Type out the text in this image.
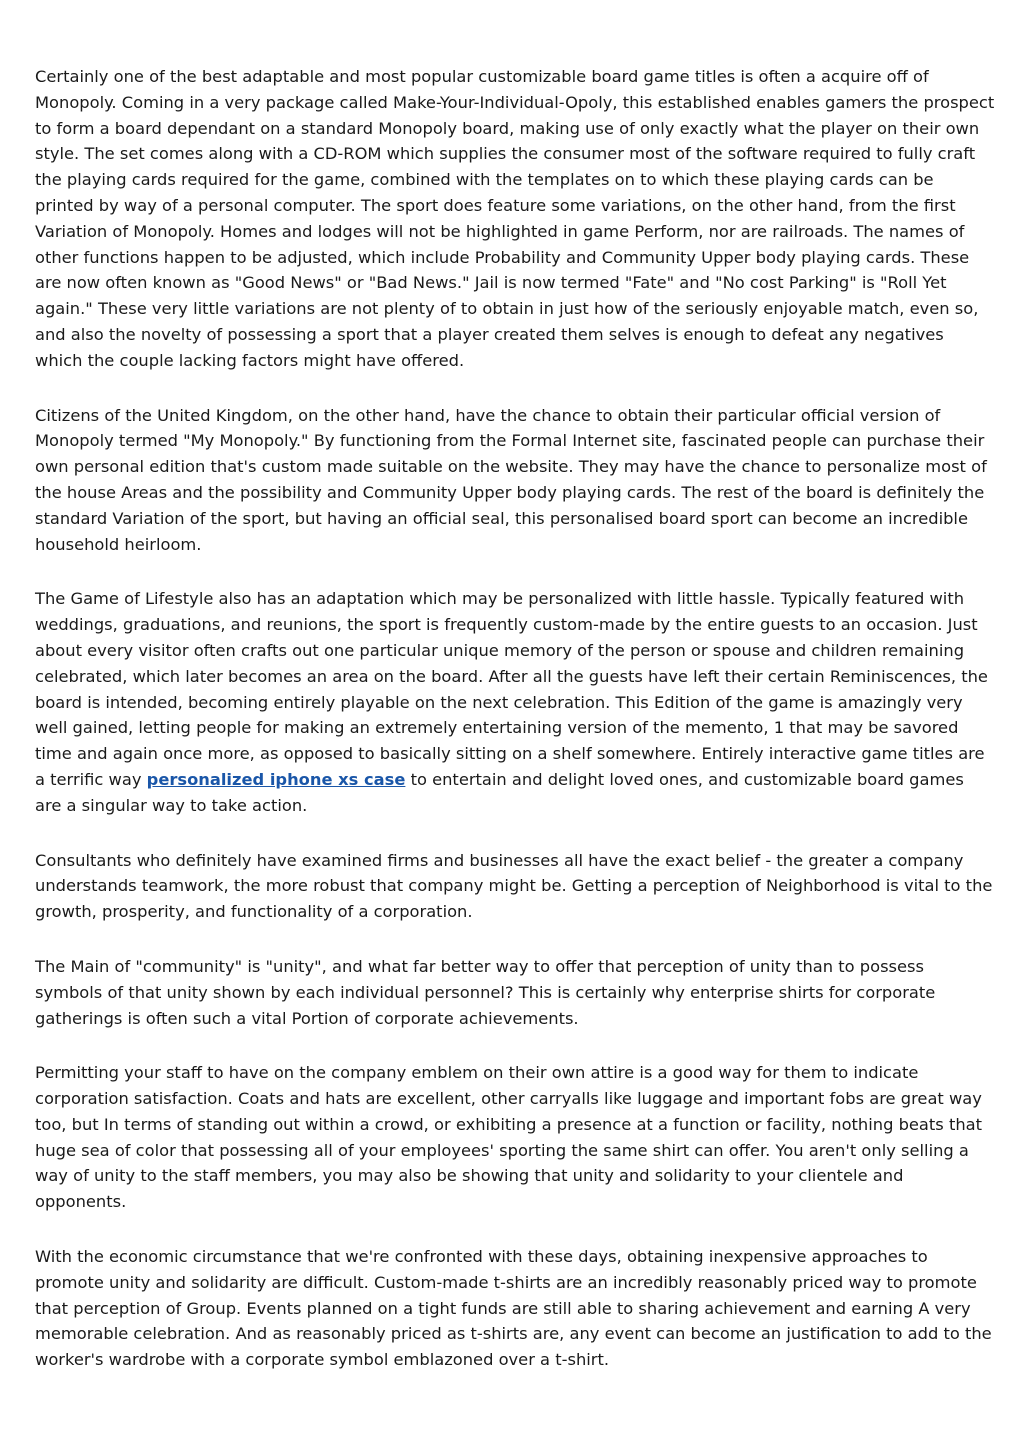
Certainly one of the best adaptable and most popular customizable board game titles is often a acquire off of Monopoly. Coming in a very package called Make-Your-Individual-Opoly, this established enables gamers the prospect to form a board dependant on a standard Monopoly board, making use of only exactly what the player on their own style. The set comes along with a CD-ROM which supplies the consumer most of the software required to fully craft the playing cards required for the game, combined with the templates on to which these playing cards can be printed by way of a personal computer. The sport does feature some variations, on the other hand, from the first Variation of Monopoly. Homes and lodges will not be highlighted in game Perform, nor are railroads. The names of other functions happen to be adjusted, which include Probability and Community Upper body playing cards. These are now often known as "Good News" or "Bad News." Jail is now termed "Fate" and "No cost Parking" is "Roll Yet again." These very little variations are not plenty of to obtain in just how of the seriously enjoyable match, even so, and also the novelty of possessing a sport that a player created them selves is enough to defeat any negatives which the couple lacking factors might have offered.

Citizens of the United Kingdom, on the other hand, have the chance to obtain their particular official version of Monopoly termed "My Monopoly." By functioning from the Formal Internet site, fascinated people can purchase their own personal edition that's custom made suitable on the website. They may have the chance to personalize most of the house Areas and the possibility and Community Upper body playing cards. The rest of the board is definitely the standard Variation of the sport, but having an official seal, this personalised board sport can become an incredible household heirloom.

The Game of Lifestyle also has an adaptation which may be personalized with little hassle. Typically featured with weddings, graduations, and reunions, the sport is frequently custom-made by the entire guests to an occasion. Just about every visitor often crafts out one particular unique memory of the person or spouse and children remaining celebrated, which later becomes an area on the board. After all the guests have left their certain Reminiscences, the board is intended, becoming entirely playable on the next celebration. This Edition of the game is amazingly very well gained, letting people for making an extremely entertaining version of the memento, 1 that may be savored time and again once more, as opposed to basically sitting on a shelf somewhere. Entirely interactive game titles are a terrific way personalized iphone xs case to entertain and delight loved ones, and customizable board games are a singular way to take action.

Consultants who definitely have examined firms and businesses all have the exact belief - the greater a company understands teamwork, the more robust that company might be. Getting a perception of Neighborhood is vital to the growth, prosperity, and functionality of a corporation.

The Main of "community" is "unity", and what far better way to offer that perception of unity than to possess symbols of that unity shown by each individual personnel? This is certainly why enterprise shirts for corporate gatherings is often such a vital Portion of corporate achievements.

Permitting your staff to have on the company emblem on their own attire is a good way for them to indicate corporation satisfaction. Coats and hats are excellent, other carryalls like luggage and important fobs are great way too, but In terms of standing out within a crowd, or exhibiting a presence at a function or facility, nothing beats that huge sea of color that possessing all of your employees' sporting the same shirt can offer. You aren't only selling a way of unity to the staff members, you may also be showing that unity and solidarity to your clientele and opponents.

With the economic circumstance that we're confronted with these days, obtaining inexpensive approaches to promote unity and solidarity are difficult. Custom-made t-shirts are an incredibly reasonably priced way to promote that perception of Group. Events planned on a tight funds are still able to sharing achievement and earning A very memorable celebration. And as reasonably priced as t-shirts are, any event can become an justification to add to the worker's wardrobe with a corporate symbol emblazoned over a t-shirt.
